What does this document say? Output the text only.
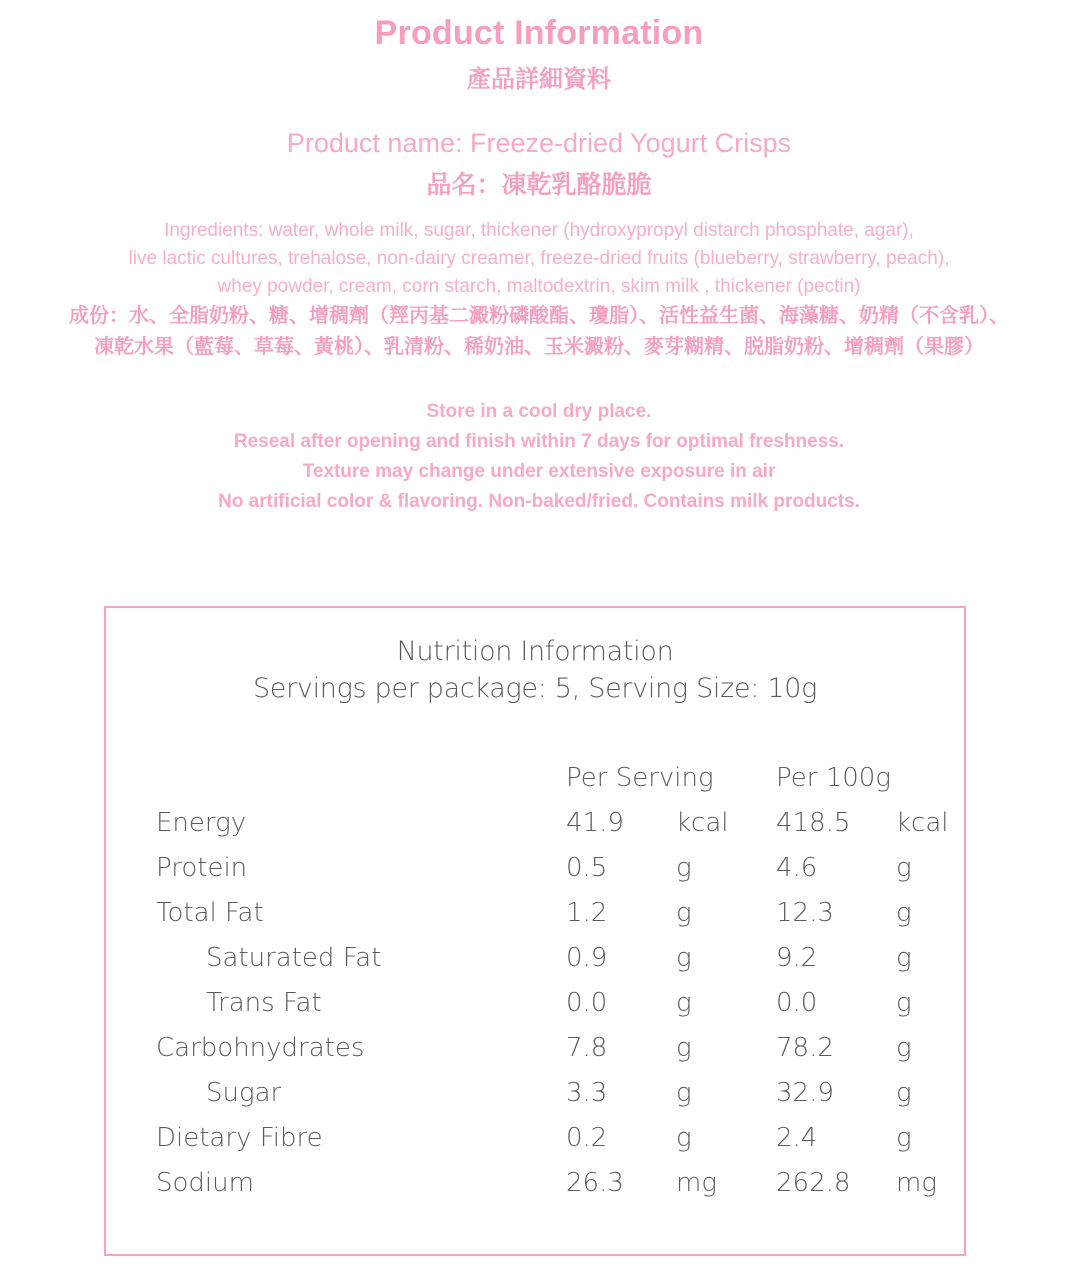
Product Information
產品詳細資料
Product name: Freeze-dried Yogurt Crisps
品名：凍乾乳酪脆脆
Ingredients: water, whole milk, sugar, thickener (hydroxypropyl distarch phosphate, agar),
live lactic cultures, trehalose, non-dairy creamer, freeze-dried fruits (blueberry, strawberry, peach),
whey powder, cream, corn starch, maltodextrin, skim milk , thickener (pectin)
成份：水、全脂奶粉、糖、增稠劑（羥丙基二澱粉磷酸酯、瓊脂）、活性益生菌、海藻糖、奶精（不含乳）、
凍乾水果（藍莓、草莓、黃桃）、乳清粉、稀奶油、玉米澱粉、麥芽糊精、脱脂奶粉、增稠劑（果膠）
Store in a cool dry place.
Reseal after opening and finish within 7 days for optimal freshness.
Texture may change under extensive exposure in air
No artificial color & flavoring. Non-baked/fried. Contains milk products.
Nutrition Information
Servings per package: 5, Serving Size: 10g
	Per Serving		Per 100g	
Energy	41.9	kcal	418.5	kcal
Protein	0.5	g	4.6	g
Total Fat	1.2	g	12.3	g
Saturated Fat	0.9	g	9.2	g
Trans Fat	0.0	g	0.0	g
Carbohnydrates	7.8	g	78.2	g
Sugar	3.3	g	32.9	g
Dietary Fibre	0.2	g	2.4	g
Sodium	26.3	mg	262.8	mg
